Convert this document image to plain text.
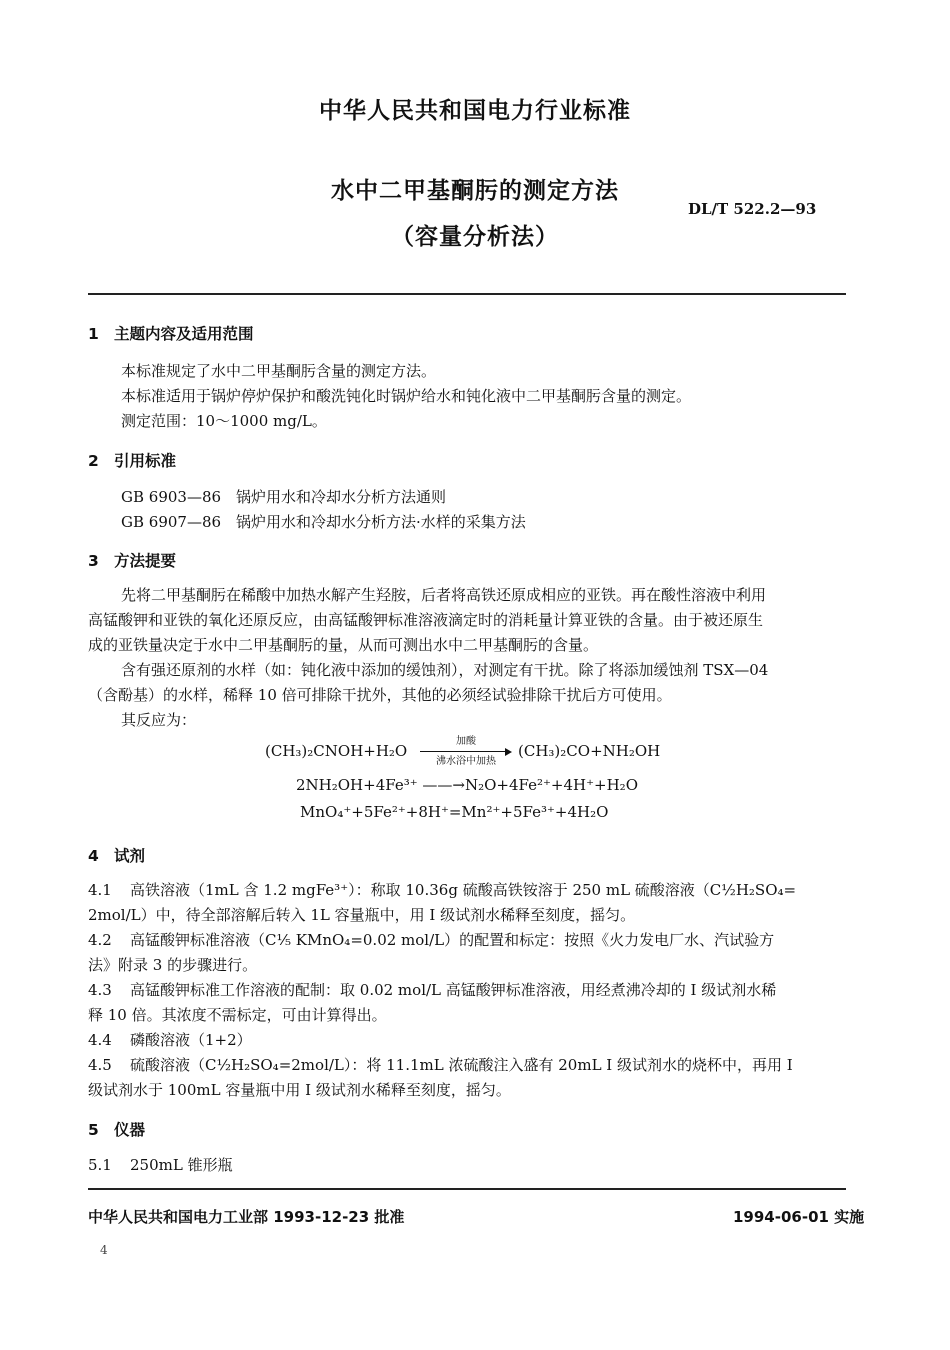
中华人民共和国电力行业标准
水中二甲基酮肟的测定方法
（容量分析法）
DL/T 522.2—93
1 主题内容及适用范围
本标准规定了水中二甲基酮肟含量的测定方法。
本标准适用于锅炉停炉保护和酸洗钝化时锅炉给水和钝化液中二甲基酮肟含量的测定。
测定范围：10～1000 mg/L。
2 引用标准
GB 6903—86 锅炉用水和冷却水分析方法通则
GB 6907—86 锅炉用水和冷却水分析方法·水样的采集方法
3 方法提要
先将二甲基酮肟在稀酸中加热水解产生羟胺，后者将高铁还原成相应的亚铁。再在酸性溶液中利用
高锰酸钾和亚铁的氧化还原反应，由高锰酸钾标准溶液滴定时的消耗量计算亚铁的含量。由于被还原生
成的亚铁量决定于水中二甲基酮肟的量，从而可测出水中二甲基酮肟的含量。
含有强还原剂的水样（如：钝化液中添加的缓蚀剂），对测定有干扰。除了将添加缓蚀剂 TSX—04
（含酚基）的水样，稀释 10 倍可排除干扰外，其他的必须经试验排除干扰后方可使用。
其反应为：
(CH₃)₂CNOH+H₂O
加酸
沸水浴中加热
(CH₃)₂CO+NH₂OH
2NH₂OH+4Fe³⁺ ——→N₂O+4Fe²⁺+4H⁺+H₂O
MnO₄⁺+5Fe²⁺+8H⁺=Mn²⁺+5Fe³⁺+4H₂O
4 试剂
4.1 高铁溶液（1mL 含 1.2 mgFe³⁺）：称取 10.36g 硫酸高铁铵溶于 250 mL 硫酸溶液（C½H₂SO₄=
2mol/L）中，待全部溶解后转入 1L 容量瓶中，用 I 级试剂水稀释至刻度，摇匀。
4.2 高锰酸钾标准溶液（C⅕ KMnO₄=0.02 mol/L）的配置和标定：按照《火力发电厂水、汽试验方
法》附录 3 的步骤进行。
4.3 高锰酸钾标准工作溶液的配制：取 0.02 mol/L 高锰酸钾标准溶液，用经煮沸冷却的 I 级试剂水稀
释 10 倍。其浓度不需标定，可由计算得出。
4.4 磷酸溶液（1+2）
4.5 硫酸溶液（C½H₂SO₄=2mol/L）：将 11.1mL 浓硫酸注入盛有 20mL I 级试剂水的烧杯中，再用 I
级试剂水于 100mL 容量瓶中用 I 级试剂水稀释至刻度，摇匀。
5 仪器
5.1 250mL 锥形瓶
中华人民共和国电力工业部 1993-12-23 批准	1994-06-01 实施
4
